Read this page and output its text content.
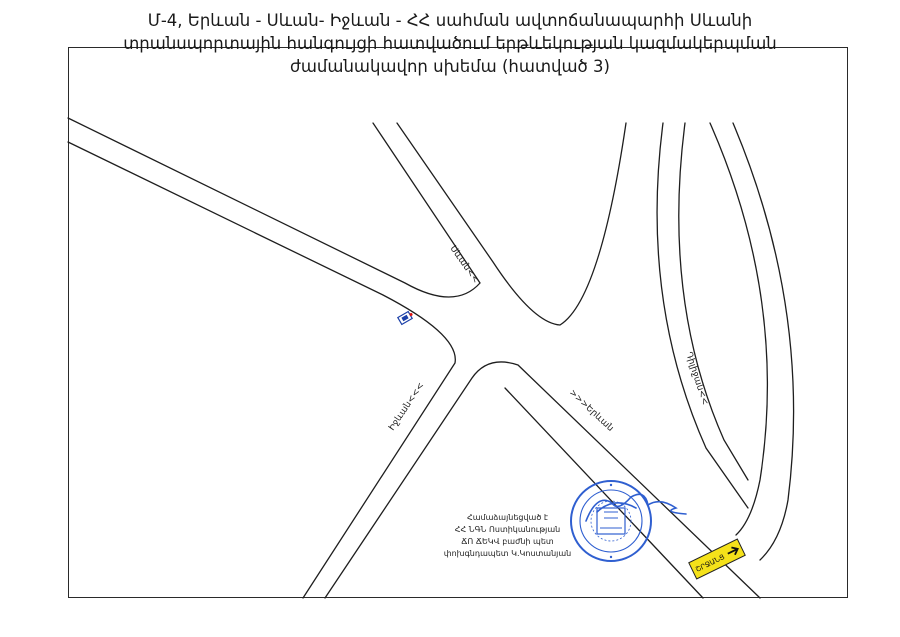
Մ-4, Երևան - Սևան- Իջևան - ՀՀ սահման ավտոճանապարհի Սևանի
տրանսպորտային հանգույցի հատվածում երթևեկության կազմակերպման
ժամանակավոր սխեմա (հատված 3)
Սևան<<
Իջևան<<<	>>>Երևան
Դիլիջան<<
ՇՐՋԱՆՑ
Համաձայնեցված է
ՀՀ ՆԳՆ Ոստիկանության
ՃՈ ՃԵԿՎ բաժնի պետ
փոխգնդապետ Կ.Կոստանյան
